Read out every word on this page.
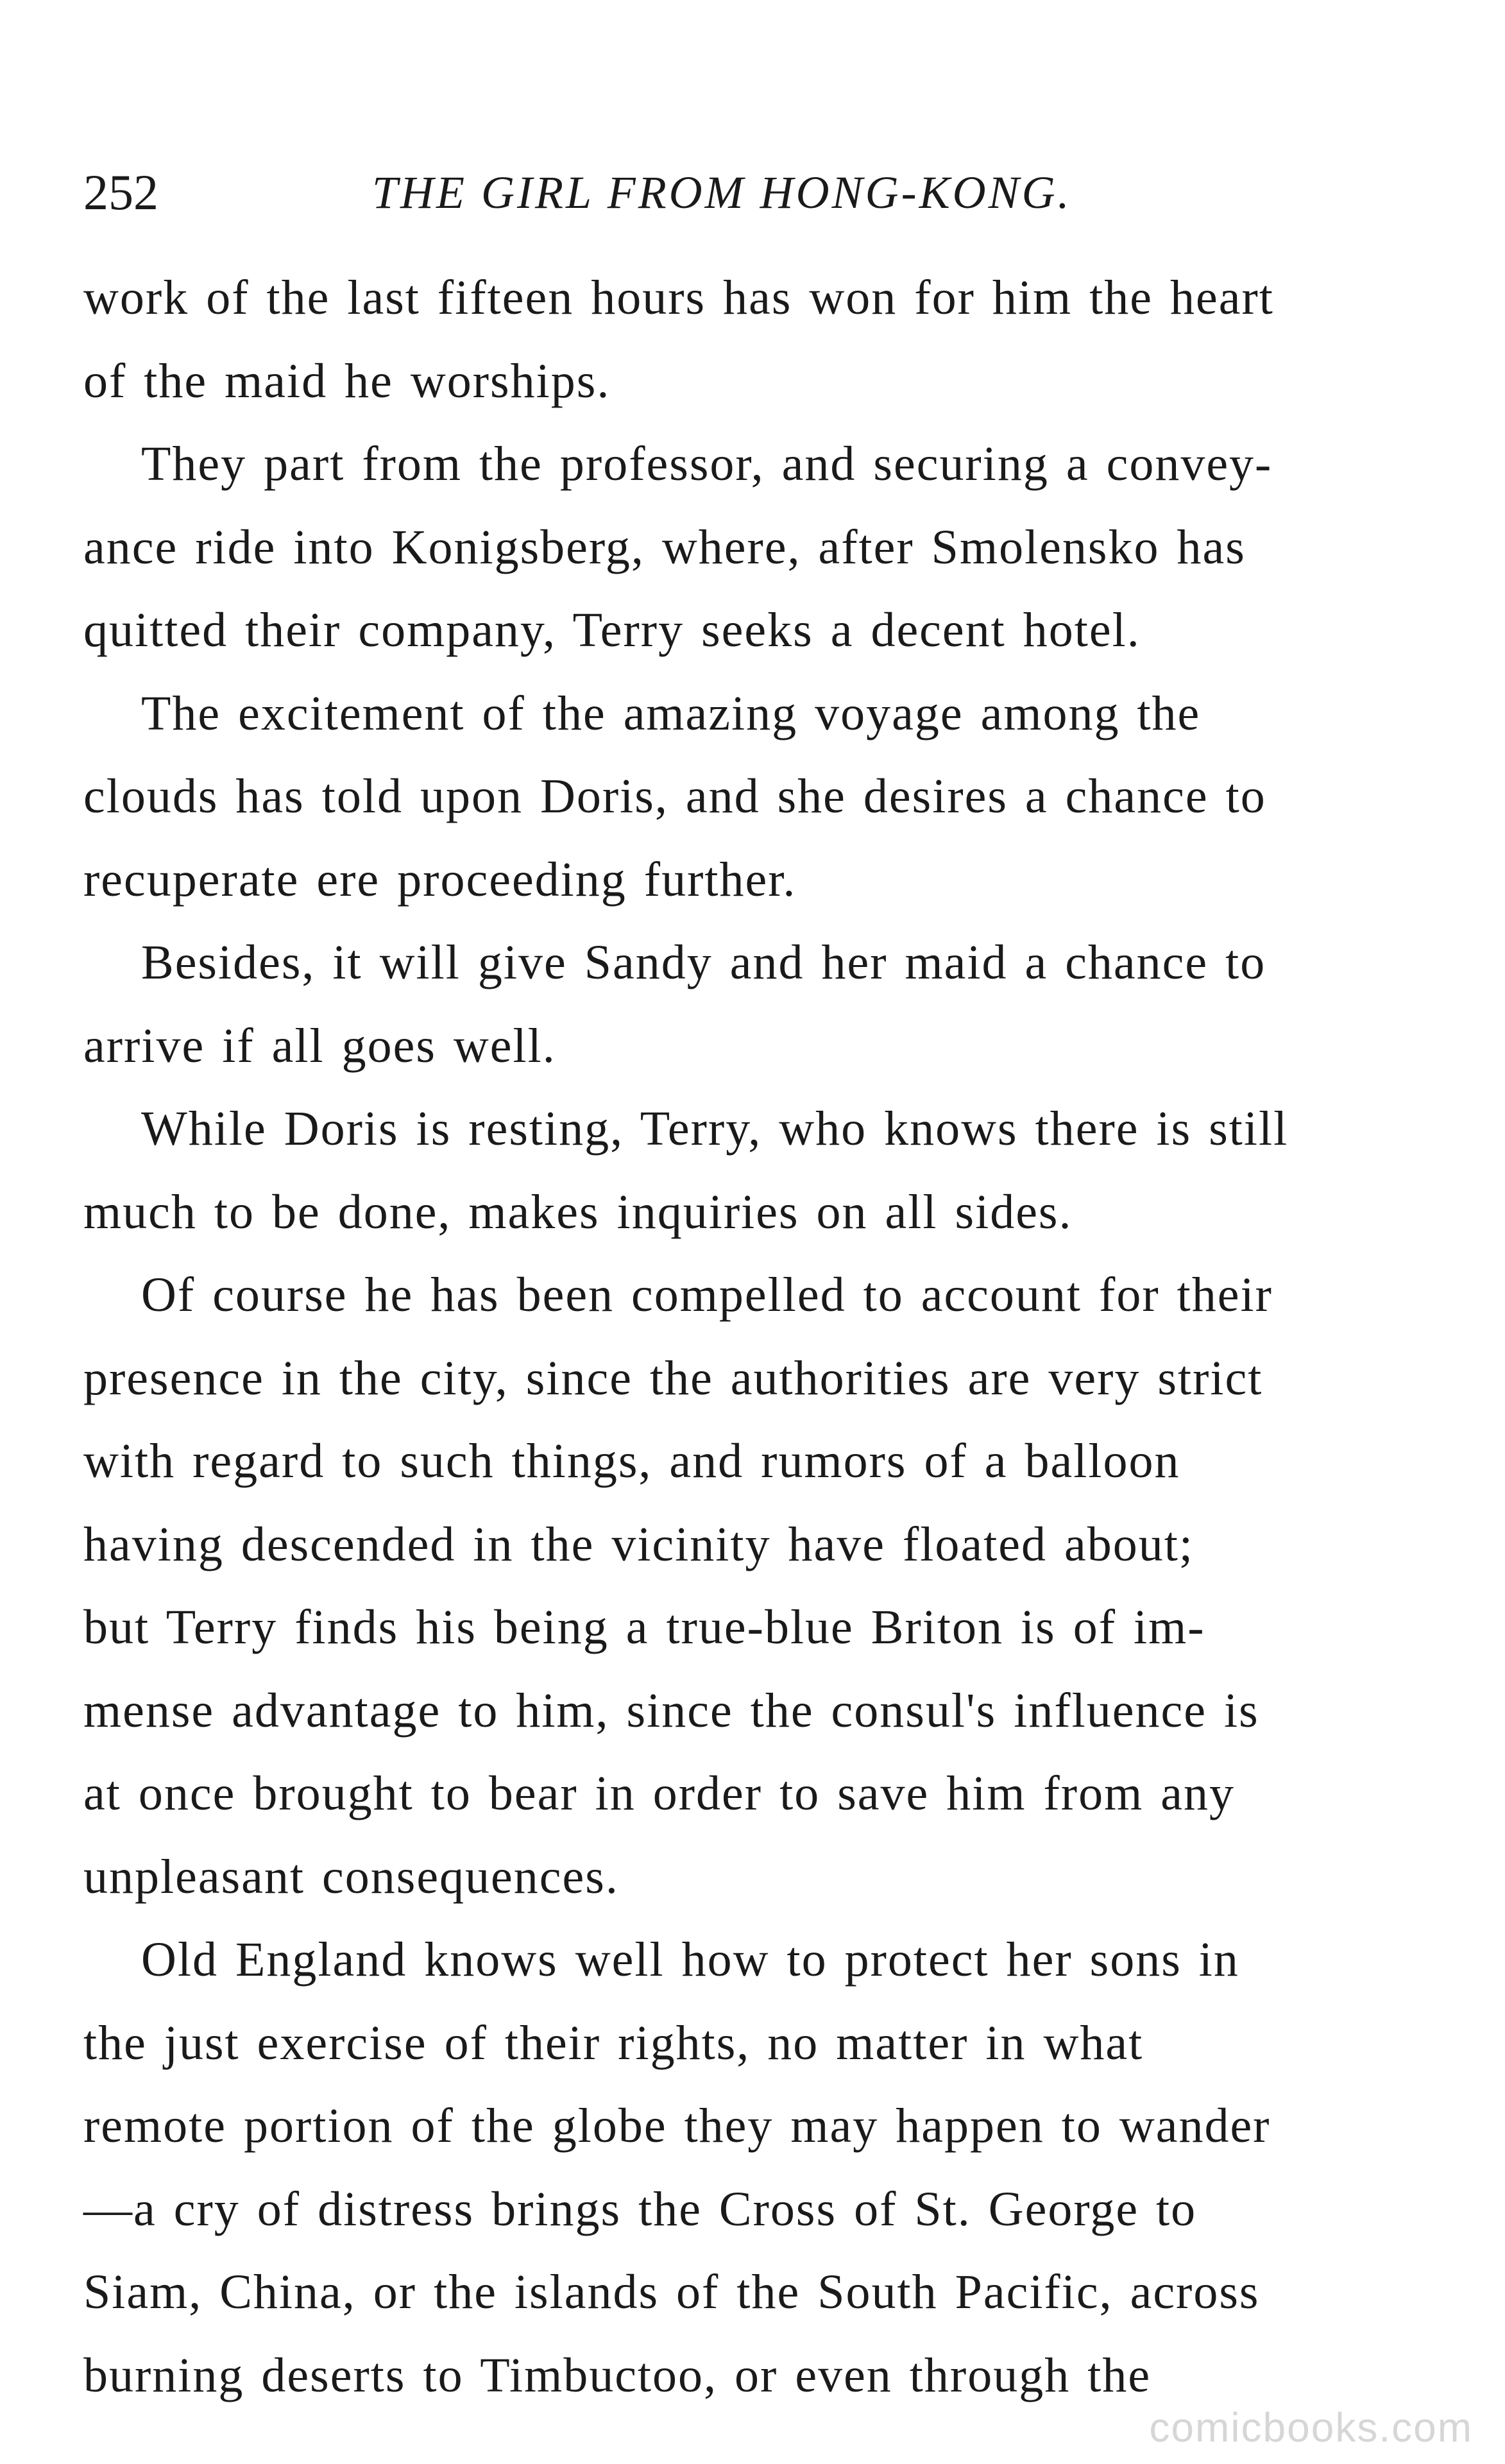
252	THE GIRL FROM HONG-KONG.
work of the last fifteen hours has won for him the heart
of the maid he worships.
They part from the professor, and securing a convey-
ance ride into Konigsberg, where, after Smolensko has
quitted their company, Terry seeks a decent hotel.
The excitement of the amazing voyage among the
clouds has told upon Doris, and she desires a chance to
recuperate ere proceeding further.
Besides, it will give Sandy and her maid a chance to
arrive if all goes well.
While Doris is resting, Terry, who knows there is still
much to be done, makes inquiries on all sides.
Of course he has been compelled to account for their
presence in the city, since the authorities are very strict
with regard to such things, and rumors of a balloon
having descended in the vicinity have floated about;
but Terry finds his being a true-blue Briton is of im-
mense advantage to him, since the consul's influence is
at once brought to bear in order to save him from any
unpleasant consequences.
Old England knows well how to protect her sons in
the just exercise of their rights, no matter in what
remote portion of the globe they may happen to wander
—a cry of distress brings the Cross of St. George to
Siam, China, or the islands of the South Pacific, across
burning deserts to Timbuctoo, or even through the
comicbooks.com
